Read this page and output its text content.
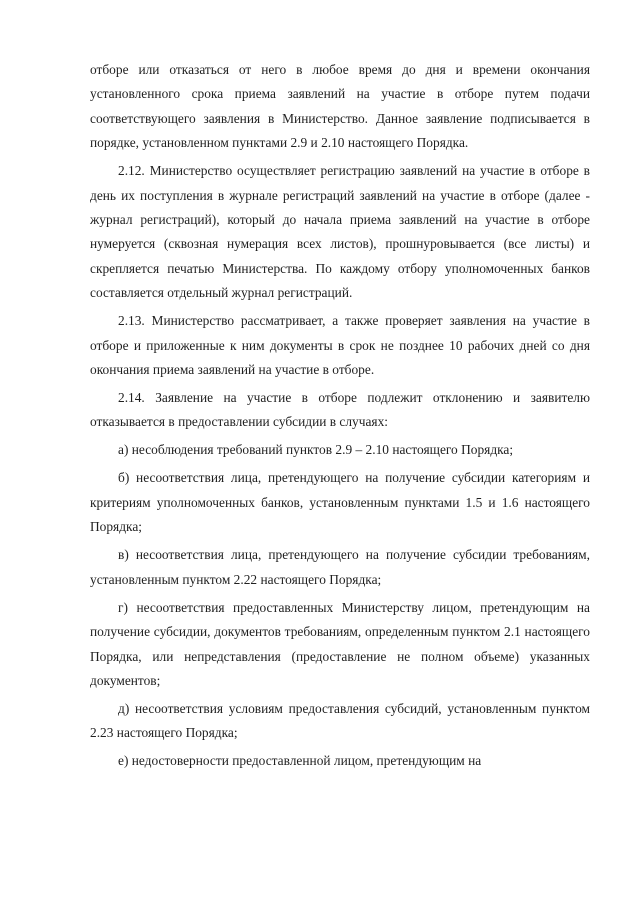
отборе или отказаться от него в любое время до дня и времени окончания установленного срока приема заявлений на участие в отборе путем подачи соответствующего заявления в Министерство. Данное заявление подписывается в порядке, установленном пунктами 2.9 и 2.10 настоящего Порядка.

2.12. Министерство осуществляет регистрацию заявлений на участие в отборе в день их поступления в журнале регистраций заявлений на участие в отборе (далее - журнал регистраций), который до начала приема заявлений на участие в отборе нумеруется (сквозная нумерация всех листов), прошнуровывается (все листы) и скрепляется печатью Министерства. По каждому отбору уполномоченных банков составляется отдельный журнал регистраций.

2.13. Министерство рассматривает, а также проверяет заявления на участие в отборе и приложенные к ним документы в срок не позднее 10 рабочих дней со дня окончания приема заявлений на участие в отборе.

2.14. Заявление на участие в отборе подлежит отклонению и заявителю отказывается в предоставлении субсидии в случаях:

а) несоблюдения требований пунктов 2.9 – 2.10 настоящего Порядка;

б) несоответствия лица, претендующего на получение субсидии категориям и критериям уполномоченных банков, установленным пунктами 1.5 и 1.6 настоящего Порядка;

в) несоответствия лица, претендующего на получение субсидии требованиям, установленным пунктом 2.22 настоящего Порядка;

г) несоответствия предоставленных Министерству лицом, претендующим на получение субсидии, документов требованиям, определенным пунктом 2.1 настоящего Порядка, или непредставления (предоставление не полном объеме) указанных документов;

д) несоответствия условиям предоставления субсидий, установленным пунктом 2.23 настоящего Порядка;

е) недостоверности предоставленной лицом, претендующим на
